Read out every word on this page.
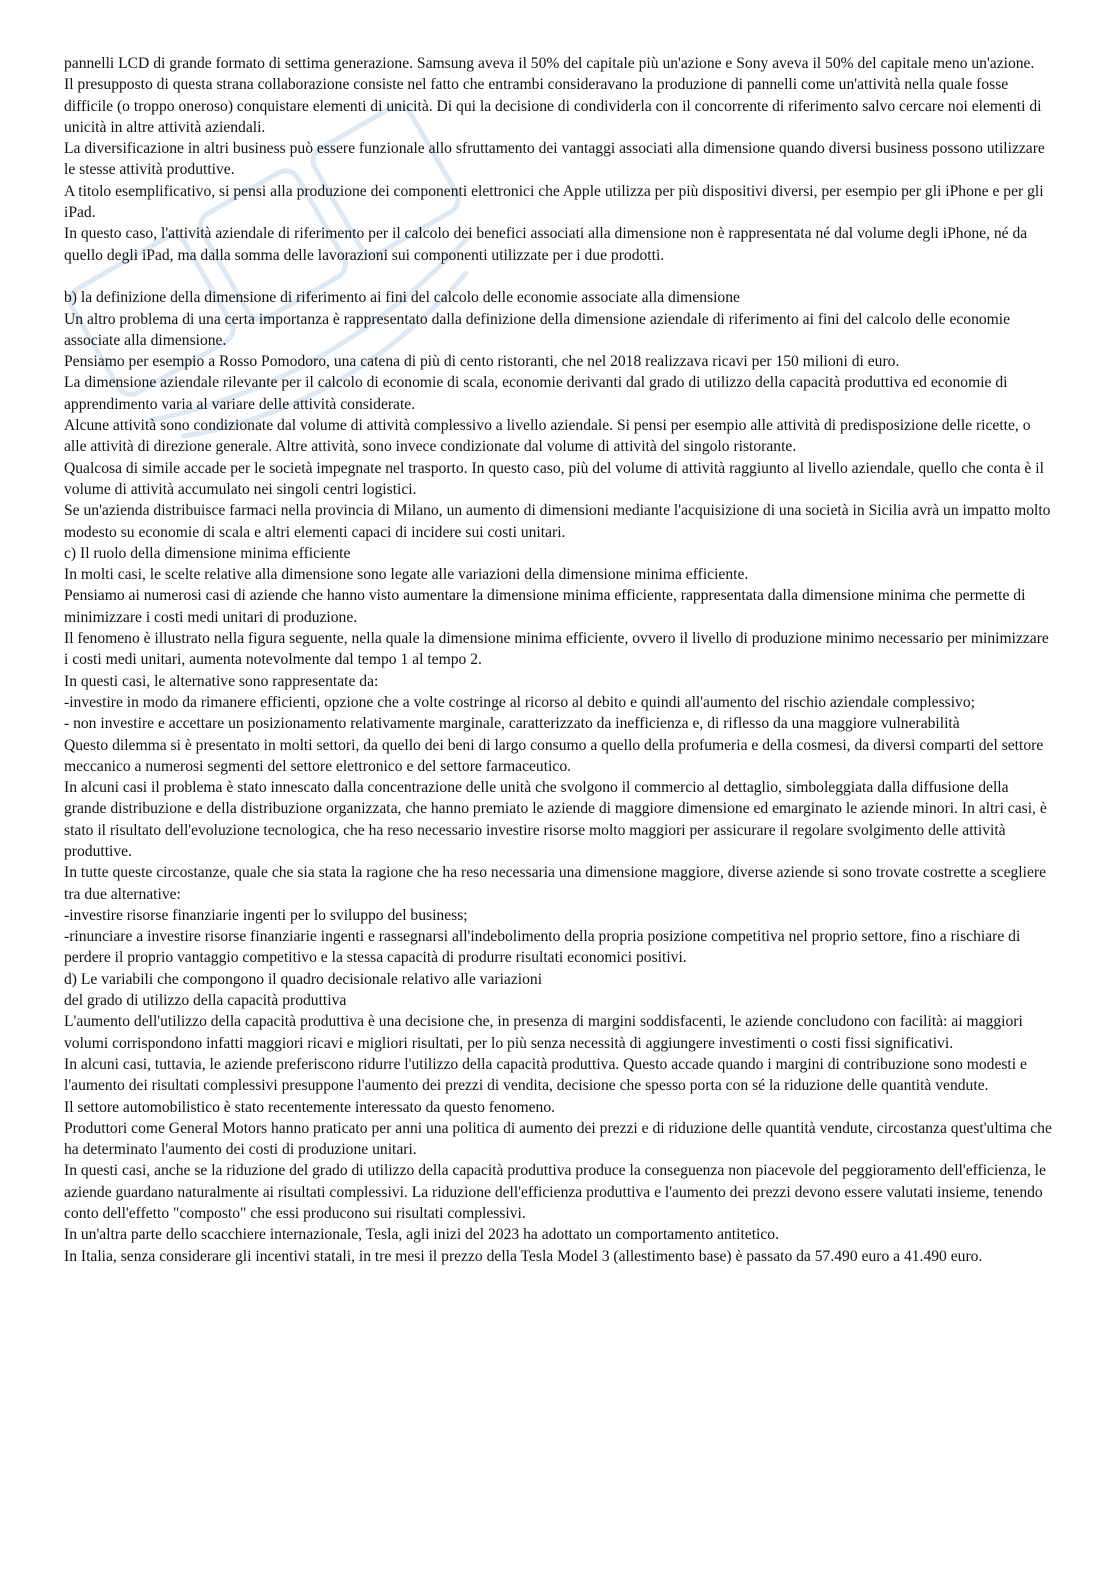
pannelli LCD di grande formato di settima generazione. Samsung aveva il 50% del capitale più un'azione e Sony aveva il 50% del capitale meno un'azione.

Il presupposto di questa strana collaborazione consiste nel fatto che entrambi consideravano la produzione di pannelli come un'attività nella quale fosse difficile (o troppo oneroso) conquistare elementi di unicità. Di qui la decisione di condividerla con il concorrente di riferimento salvo cercare noi elementi di unicità in altre attività aziendali.

La diversificazione in altri business può essere funzionale allo sfruttamento dei vantaggi associati alla dimensione quando diversi business possono utilizzare le stesse attività produttive.

A titolo esemplificativo, si pensi alla produzione dei componenti elettronici che Apple utilizza per più dispositivi diversi, per esempio per gli iPhone e per gli iPad.

In questo caso, l'attività aziendale di riferimento per il calcolo dei benefici associati alla dimensione non è rappresentata né dal volume degli iPhone, né da quello degli iPad, ma dalla somma delle lavorazioni sui componenti utilizzate per i due prodotti.

b) la definizione della dimensione di riferimento ai fini del calcolo delle economie associate alla dimensione

Un altro problema di una certa importanza è rappresentato dalla definizione della dimensione aziendale di riferimento ai fini del calcolo delle economie associate alla dimensione.

Pensiamo per esempio a Rosso Pomodoro, una catena di più di cento ristoranti, che nel 2018 realizzava ricavi per 150 milioni di euro.

La dimensione aziendale rilevante per il calcolo di economie di scala, economie derivanti dal grado di utilizzo della capacità produttiva ed economie di apprendimento varia al variare delle attività considerate.

Alcune attività sono condizionate dal volume di attività complessivo a livello aziendale. Si pensi per esempio alle attività di predisposizione delle ricette, o alle attività di direzione generale. Altre attività, sono invece condizionate dal volume di attività del singolo ristorante.

Qualcosa di simile accade per le società impegnate nel trasporto. In questo caso, più del volume di attività raggiunto al livello aziendale, quello che conta è il volume di attività accumulato nei singoli centri logistici.

Se un'azienda distribuisce farmaci nella provincia di Milano, un aumento di dimensioni mediante l'acquisizione di una società in Sicilia avrà un impatto molto modesto su economie di scala e altri elementi capaci di incidere sui costi unitari.

c) Il ruolo della dimensione minima efficiente

In molti casi, le scelte relative alla dimensione sono legate alle variazioni della dimensione minima efficiente.

Pensiamo ai numerosi casi di aziende che hanno visto aumentare la dimensione minima efficiente, rappresentata dalla dimensione minima che permette di minimizzare i costi medi unitari di produzione.

Il fenomeno è illustrato nella figura seguente, nella quale la dimensione minima efficiente, ovvero il livello di produzione minimo necessario per minimizzare i costi medi unitari, aumenta notevolmente dal tempo 1 al tempo 2.

In questi casi, le alternative sono rappresentate da:

-investire in modo da rimanere efficienti, opzione che a volte costringe al ricorso al debito e quindi all'aumento del rischio aziendale complessivo;

- non investire e accettare un posizionamento relativamente marginale, caratterizzato da inefficienza e, di riflesso da una maggiore vulnerabilità

Questo dilemma si è presentato in molti settori, da quello dei beni di largo consumo a quello della profumeria e della cosmesi, da diversi comparti del settore meccanico a numerosi segmenti del settore elettronico e del settore farmaceutico.

In alcuni casi il problema è stato innescato dalla concentrazione delle unità che svolgono il commercio al dettaglio, simboleggiata dalla diffusione della grande distribuzione e della distribuzione organizzata, che hanno premiato le aziende di maggiore dimensione ed emarginato le aziende minori. In altri casi, è stato il risultato dell'evoluzione tecnologica, che ha reso necessario investire risorse molto maggiori per assicurare il regolare svolgimento delle attività produttive.

In tutte queste circostanze, quale che sia stata la ragione che ha reso necessaria una dimensione maggiore, diverse aziende si sono trovate costrette a scegliere tra due alternative:

-investire risorse finanziarie ingenti per lo sviluppo del business;

-rinunciare a investire risorse finanziarie ingenti e rassegnarsi all'indebolimento della propria posizione competitiva nel proprio settore, fino a rischiare di perdere il proprio vantaggio competitivo e la stessa capacità di produrre risultati economici positivi.

d) Le variabili che compongono il quadro decisionale relativo alle variazioni

del grado di utilizzo della capacità produttiva

L'aumento dell'utilizzo della capacità produttiva è una decisione che, in presenza di margini soddisfacenti, le aziende concludono con facilità: ai maggiori volumi corrispondono infatti maggiori ricavi e migliori risultati, per lo più senza necessità di aggiungere investimenti o costi fissi significativi.

In alcuni casi, tuttavia, le aziende preferiscono ridurre l'utilizzo della capacità produttiva. Questo accade quando i margini di contribuzione sono modesti e l'aumento dei risultati complessivi presuppone l'aumento dei prezzi di vendita, decisione che spesso porta con sé la riduzione delle quantità vendute.

Il settore automobilistico è stato recentemente interessato da questo fenomeno.

Produttori come General Motors hanno praticato per anni una politica di aumento dei prezzi e di riduzione delle quantità vendute, circostanza quest'ultima che ha determinato l'aumento dei costi di produzione unitari.

In questi casi, anche se la riduzione del grado di utilizzo della capacità produttiva produce la conseguenza non piacevole del peggioramento dell'efficienza, le aziende guardano naturalmente ai risultati complessivi. La riduzione dell'efficienza produttiva e l'aumento dei prezzi devono essere valutati insieme, tenendo conto dell'effetto "composto" che essi producono sui risultati complessivi.

In un'altra parte dello scacchiere internazionale, Tesla, agli inizi del 2023 ha adottato un comportamento antitetico.

In Italia, senza considerare gli incentivi statali, in tre mesi il prezzo della Tesla Model 3 (allestimento base) è passato da 57.490 euro a 41.490 euro.
